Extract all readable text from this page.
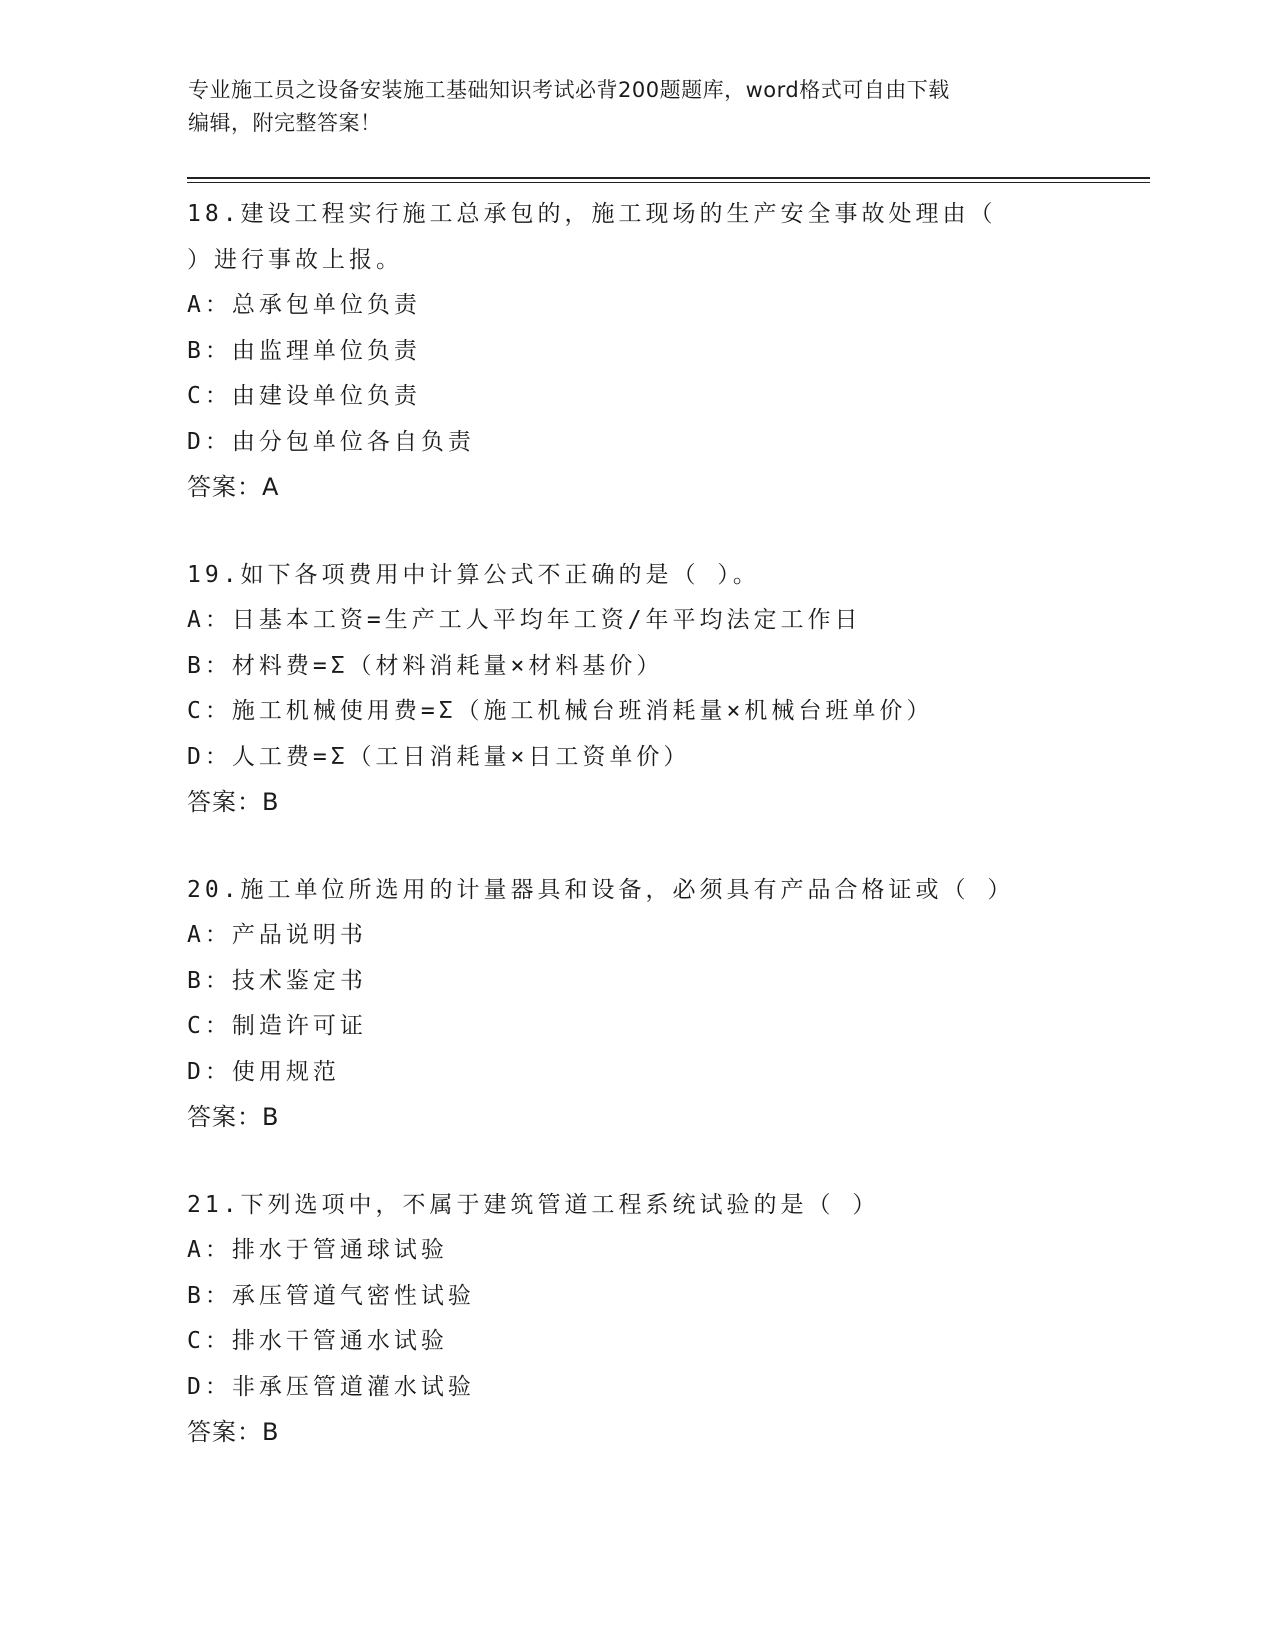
专业施工员之设备安装施工基础知识考试必背200题题库，word格式可自由下载
编辑，附完整答案！
18.建设工程实行施工总承包的，施工现场的生产安全事故处理由（
）进行事故上报。
A：总承包单位负责
B：由监理单位负责
C：由建设单位负责
D：由分包单位各自负责
答案：A
19.如下各项费用中计算公式不正确的是（ ）。
A：日基本工资=生产工人平均年工资/年平均法定工作日
B：材料费=Σ（材料消耗量×材料基价）
C：施工机械使用费=Σ（施工机械台班消耗量×机械台班单价）
D：人工费=Σ（工日消耗量×日工资单价）
答案：B
20.施工单位所选用的计量器具和设备，必须具有产品合格证或（ ）
A：产品说明书
B：技术鉴定书
C：制造许可证
D：使用规范
答案：B
21.下列选项中，不属于建筑管道工程系统试验的是（ ）
A：排水于管通球试验
B：承压管道气密性试验
C：排水干管通水试验
D：非承压管道灌水试验
答案：B
